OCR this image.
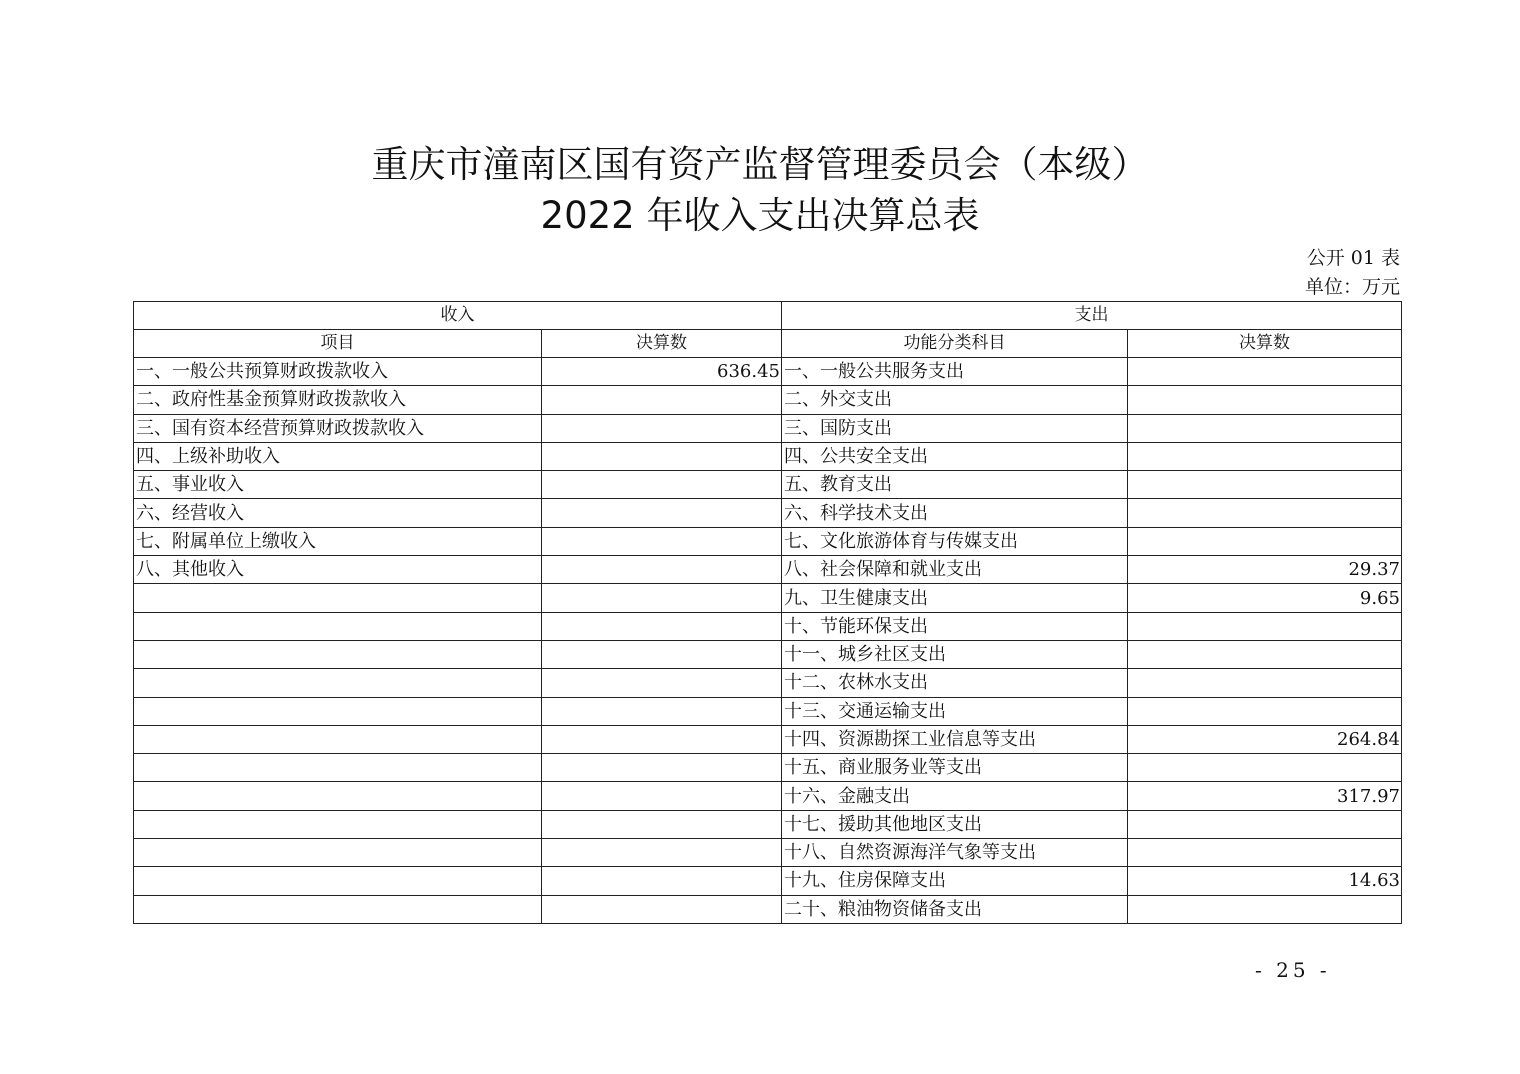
重庆市潼南区国有资产监督管理委员会（本级）
2022 年收入支出决算总表
公开 01 表
单位：万元
收入		支出	
项目	决算数	功能分类科目	决算数
一、一般公共预算财政拨款收入	636.45	一、一般公共服务支出	
二、政府性基金预算财政拨款收入		二、外交支出	
三、国有资本经营预算财政拨款收入		三、国防支出	
四、上级补助收入		四、公共安全支出	
五、事业收入		五、教育支出	
六、经营收入		六、科学技术支出	
七、附属单位上缴收入		七、文化旅游体育与传媒支出	
八、其他收入		八、社会保障和就业支出	29.37
		九、卫生健康支出	9.65
		十、节能环保支出	
		十一、城乡社区支出	
		十二、农林水支出	
		十三、交通运输支出	
		十四、资源勘探工业信息等支出	264.84
		十五、商业服务业等支出	
		十六、金融支出	317.97
		十七、援助其他地区支出	
		十八、自然资源海洋气象等支出	
		十九、住房保障支出	14.63
		二十、粮油物资储备支出	
- 25 -
